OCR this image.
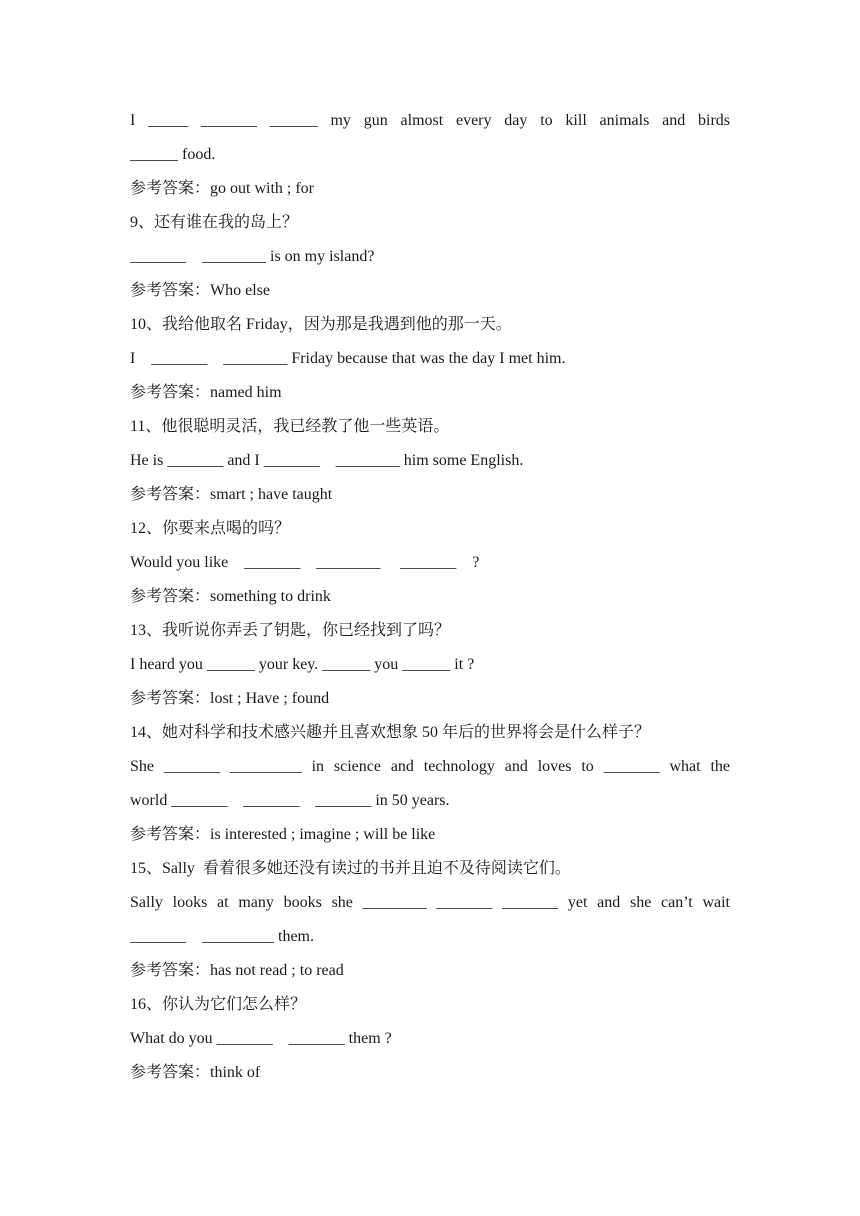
I _____ _______ ______ my gun almost every day to kill animals and birds
______ food.
参考答案：go out with ; for
9、还有谁在我的岛上？
_______    ________ is on my island?
参考答案：Who else
10、我给他取名 Friday，因为那是我遇到他的那一天。
I    _______    ________ Friday because that was the day I met him.
参考答案：named him
11、他很聪明灵活，我已经教了他一些英语。
He is _______ and I _______    ________ him some English.
参考答案：smart ; have taught
12、你要来点喝的吗？
Would you like    _______    ________     _______    ?
参考答案：something to drink
13、我听说你弄丢了钥匙，你已经找到了吗？
I heard you ______ your key. ______ you ______ it ?
参考答案：lost ; Have ; found
14、她对科学和技术感兴趣并且喜欢想象 50 年后的世界将会是什么样子？
She _______ _________ in science and technology and loves to _______ what the
world _______    _______    _______ in 50 years.
参考答案：is interested ; imagine ; will be like
15、Sally  看着很多她还没有读过的书并且迫不及待阅读它们。
Sally looks at many books she ________ _______ _______ yet and she can’t wait
_______    _________ them.
参考答案：has not read ; to read
16、你认为它们怎么样？
What do you _______    _______ them ?
参考答案：think of
